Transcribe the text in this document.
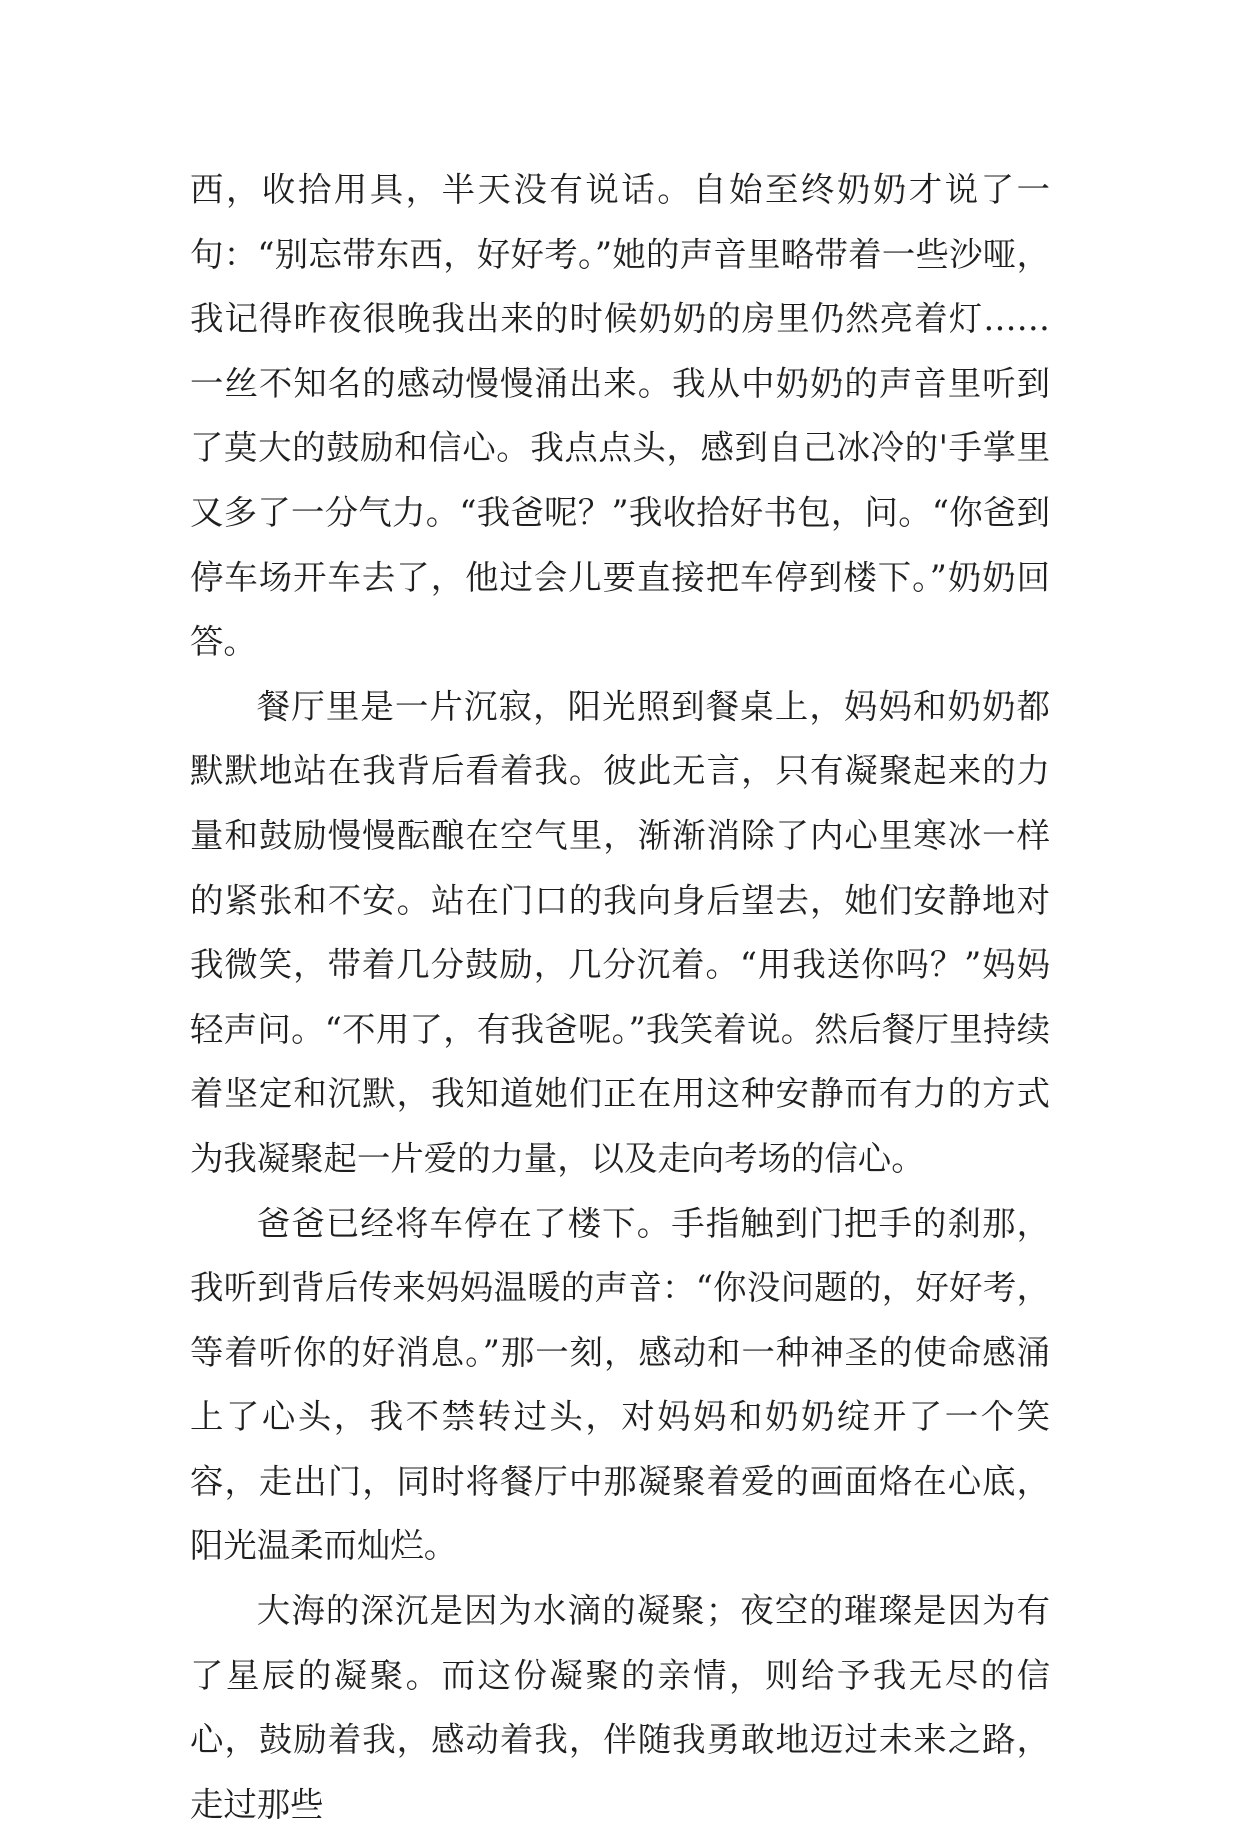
西，收拾用具，半天没有说话。自始至终奶奶才说了一句：“别忘带东西，好好考。”她的声音里略带着一些沙哑，我记得昨夜很晚我出来的时候奶奶的房里仍然亮着灯……一丝不知名的感动慢慢涌出来。我从中奶奶的声音里听到了莫大的鼓励和信心。我点点头，感到自己冰冷的'手掌里又多了一分气力。“我爸呢？”我收拾好书包，问。“你爸到停车场开车去了，他过会儿要直接把车停到楼下。”奶奶回答。

餐厅里是一片沉寂，阳光照到餐桌上，妈妈和奶奶都默默地站在我背后看着我。彼此无言，只有凝聚起来的力量和鼓励慢慢酝酿在空气里，渐渐消除了内心里寒冰一样的紧张和不安。站在门口的我向身后望去，她们安静地对我微笑，带着几分鼓励，几分沉着。“用我送你吗？”妈妈轻声问。“不用了，有我爸呢。”我笑着说。然后餐厅里持续着坚定和沉默，我知道她们正在用这种安静而有力的方式为我凝聚起一片爱的力量，以及走向考场的信心。

爸爸已经将车停在了楼下。手指触到门把手的刹那，我听到背后传来妈妈温暖的声音：“你没问题的，好好考，等着听你的好消息。”那一刻，感动和一种神圣的使命感涌上了心头，我不禁转过头，对妈妈和奶奶绽开了一个笑容，走出门，同时将餐厅中那凝聚着爱的画面烙在心底，阳光温柔而灿烂。

大海的深沉是因为水滴的凝聚；夜空的璀璨是因为有了星辰的凝聚。而这份凝聚的亲情，则给予我无尽的信心，鼓励着我，感动着我，伴随我勇敢地迈过未来之路，走过那些
